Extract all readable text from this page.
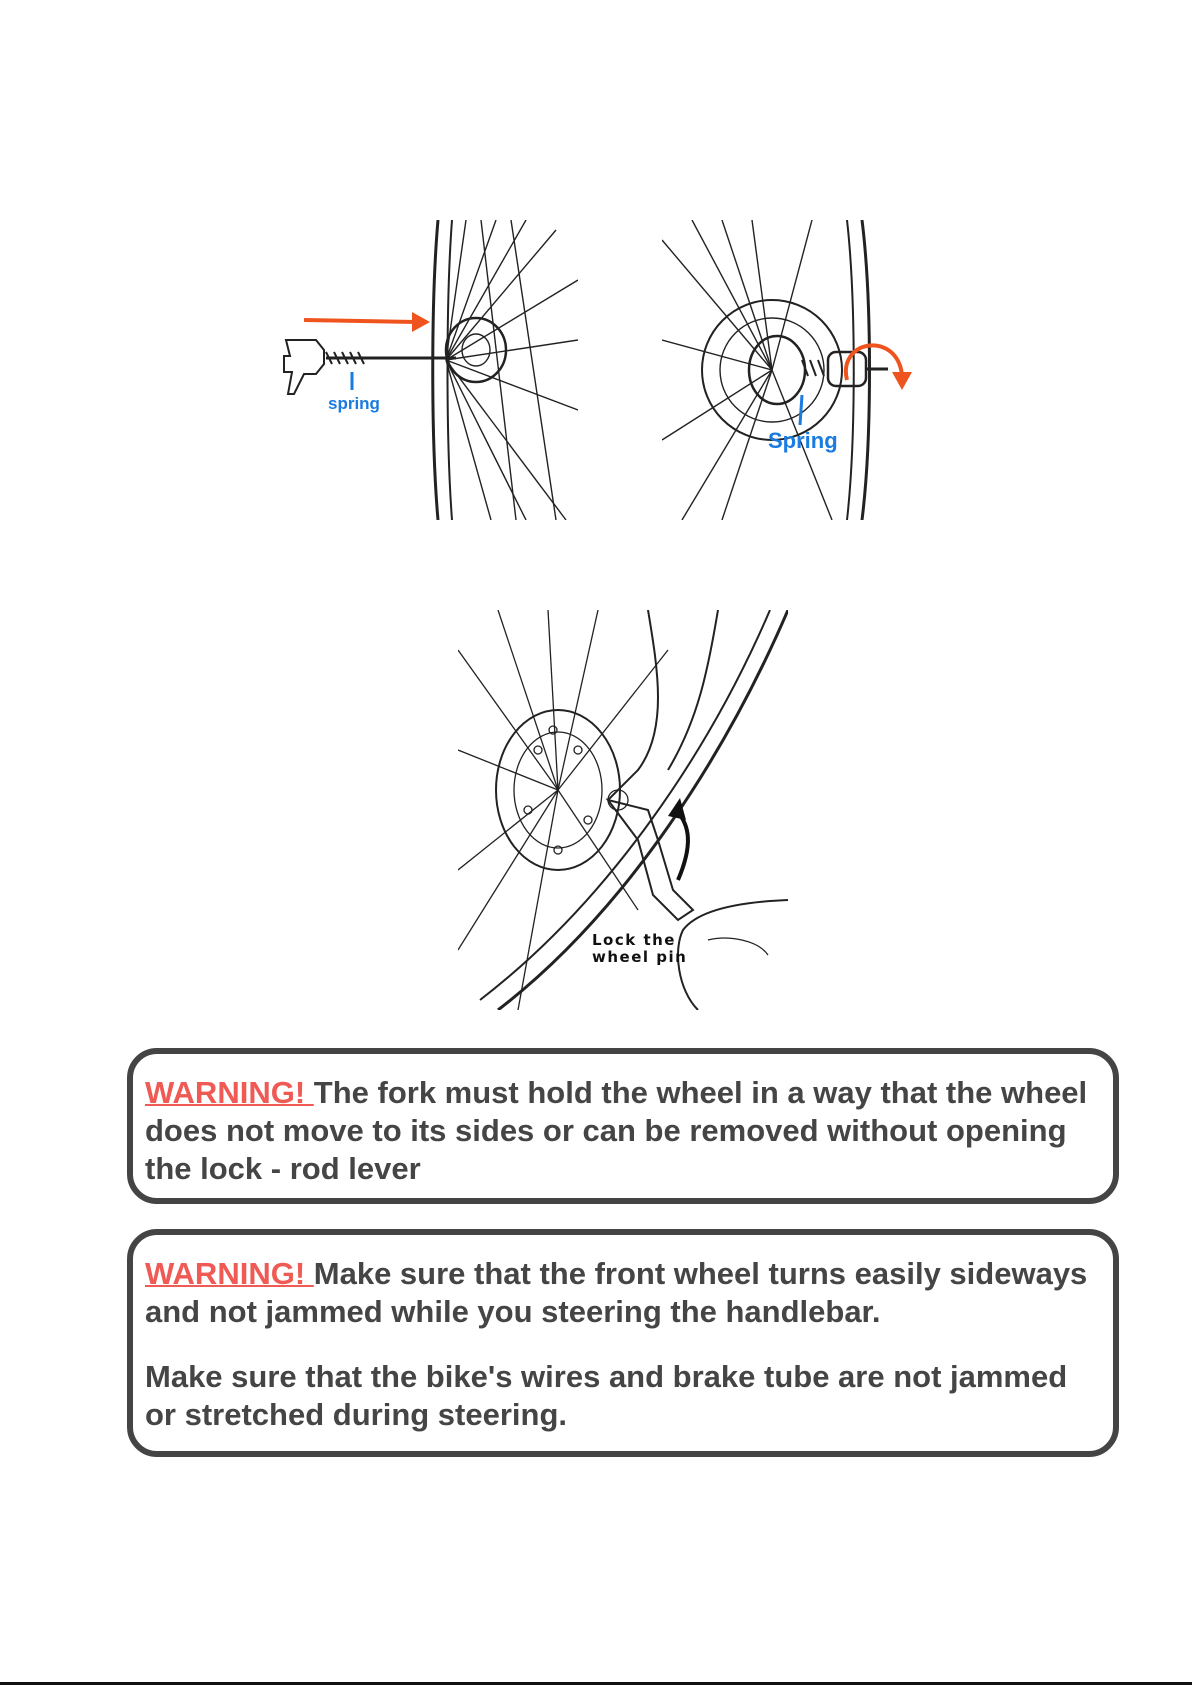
spring
Spring
Lock the wheel pin
WARNING! The fork must hold the wheel in a way that the wheel does not move to its sides or can be removed without opening the lock - rod lever
WARNING! Make sure that the front wheel turns easily sideways and not jammed while you steering the handlebar.
Make sure that the bike's wires and brake tube are not jammed or stretched during steering.
